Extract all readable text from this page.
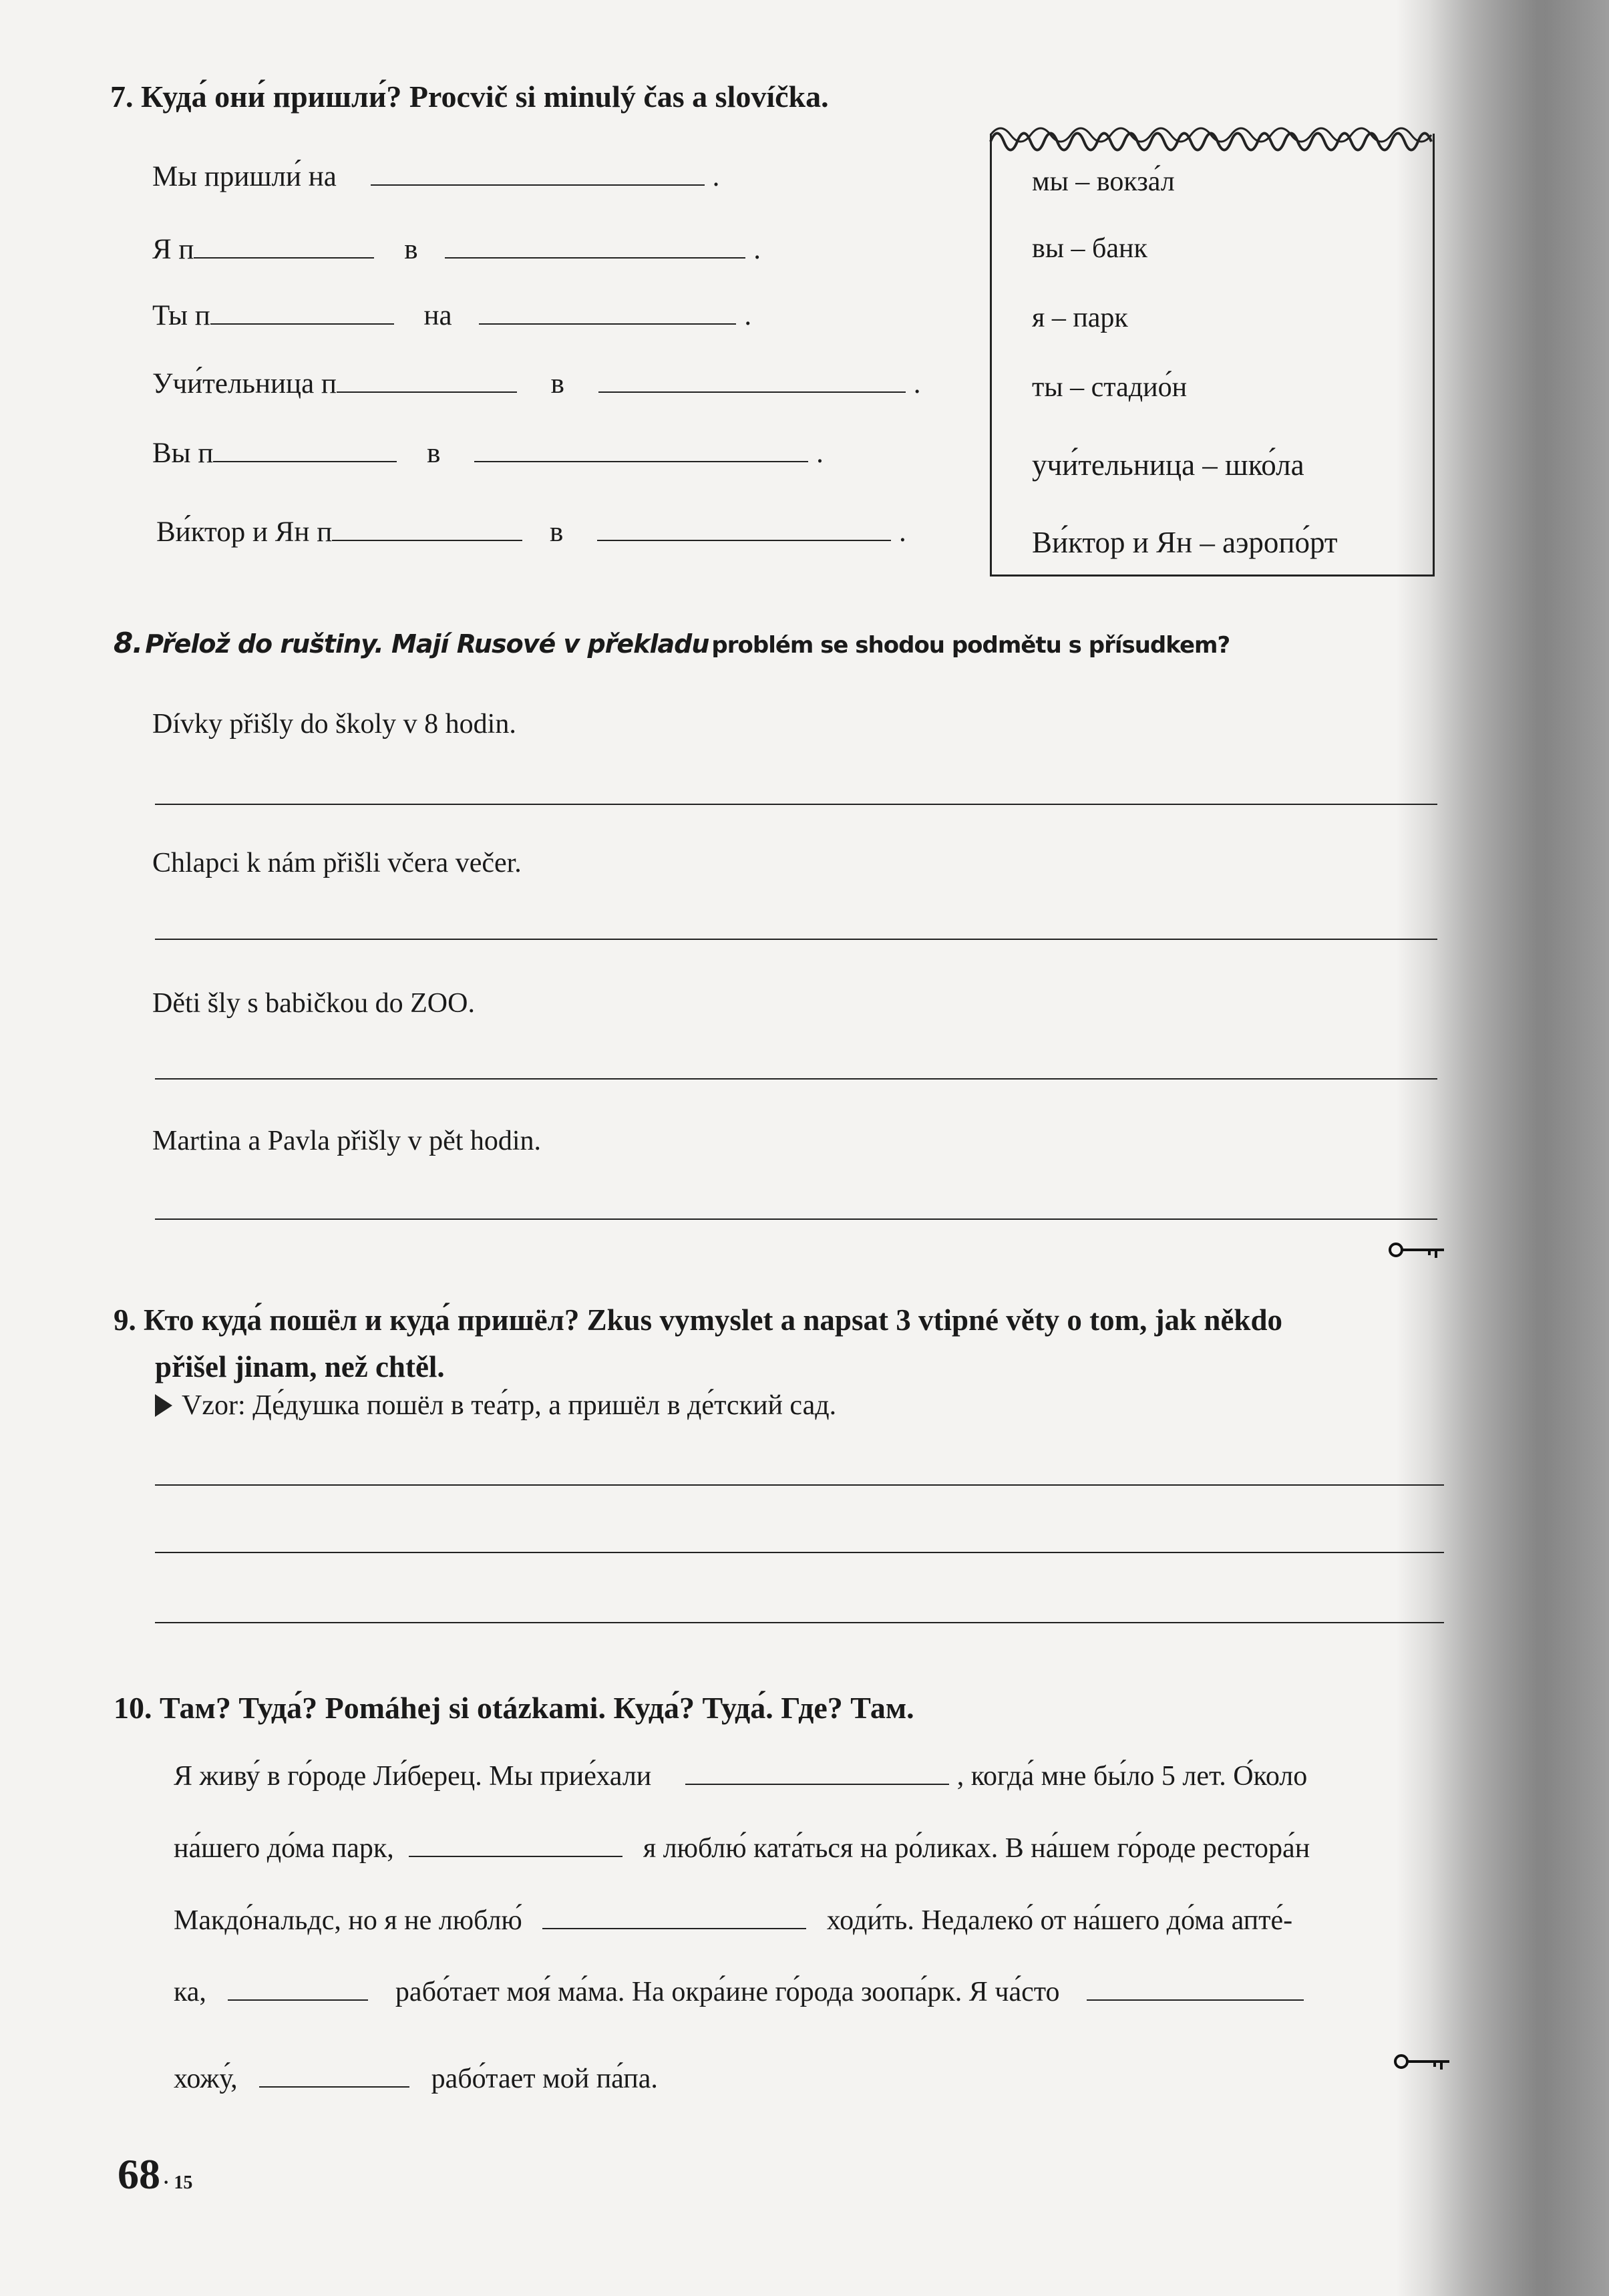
7. Куда́ они́ пришли́? Procvič si minulý čas a slovíčka.
Мы пришли́ на	.
Я п	в	.
Ты п	на	.
Учи́тельница п	в	.
Вы п	в	.
Ви́ктор и Ян п	в	.
мы – вокза́л
вы – банк
я – парк
ты – стадио́н
учи́тельница – шко́ла
Ви́ктор и Ян – аэропо́рт
8. Přelož do ruštiny. Mají Rusové v překladu problém se shodou podmětu s přísudkem?
Dívky přišly do školy v 8 hodin.
Chlapci k nám přišli včera večer.
Děti šly s babičkou do ZOO.
Martina a Pavla přišly v pět hodin.
9. Кто куда́ пошёл и куда́ пришёл? Zkus vymyslet a napsat 3 vtipné věty o tom, jak někdo
přišel jinam, než chtěl.
Vzor: Де́душка пошёл в теа́тр, а пришёл в де́тский сад.
10. Там? Туда́? Pomáhej si otázkami. Куда́? Туда́. Где? Там.
Я живу́ в го́роде Ли́берец. Мы прие́хали	, когда́ мне бы́ло 5 лет. О́коло
на́шего до́ма парк,	я люблю́ ката́ться на ро́ликах. В на́шем го́роде рестора́н
Макдо́нальдс, но я не люблю́	ходи́ть. Недалеко́ от на́шего до́ма апте́-
ка,	рабо́тает моя́ ма́ма. На окра́ине го́рода зоопа́рк. Я ча́сто
хожу́,	рабо́тает мой па́па.
68 · 15
